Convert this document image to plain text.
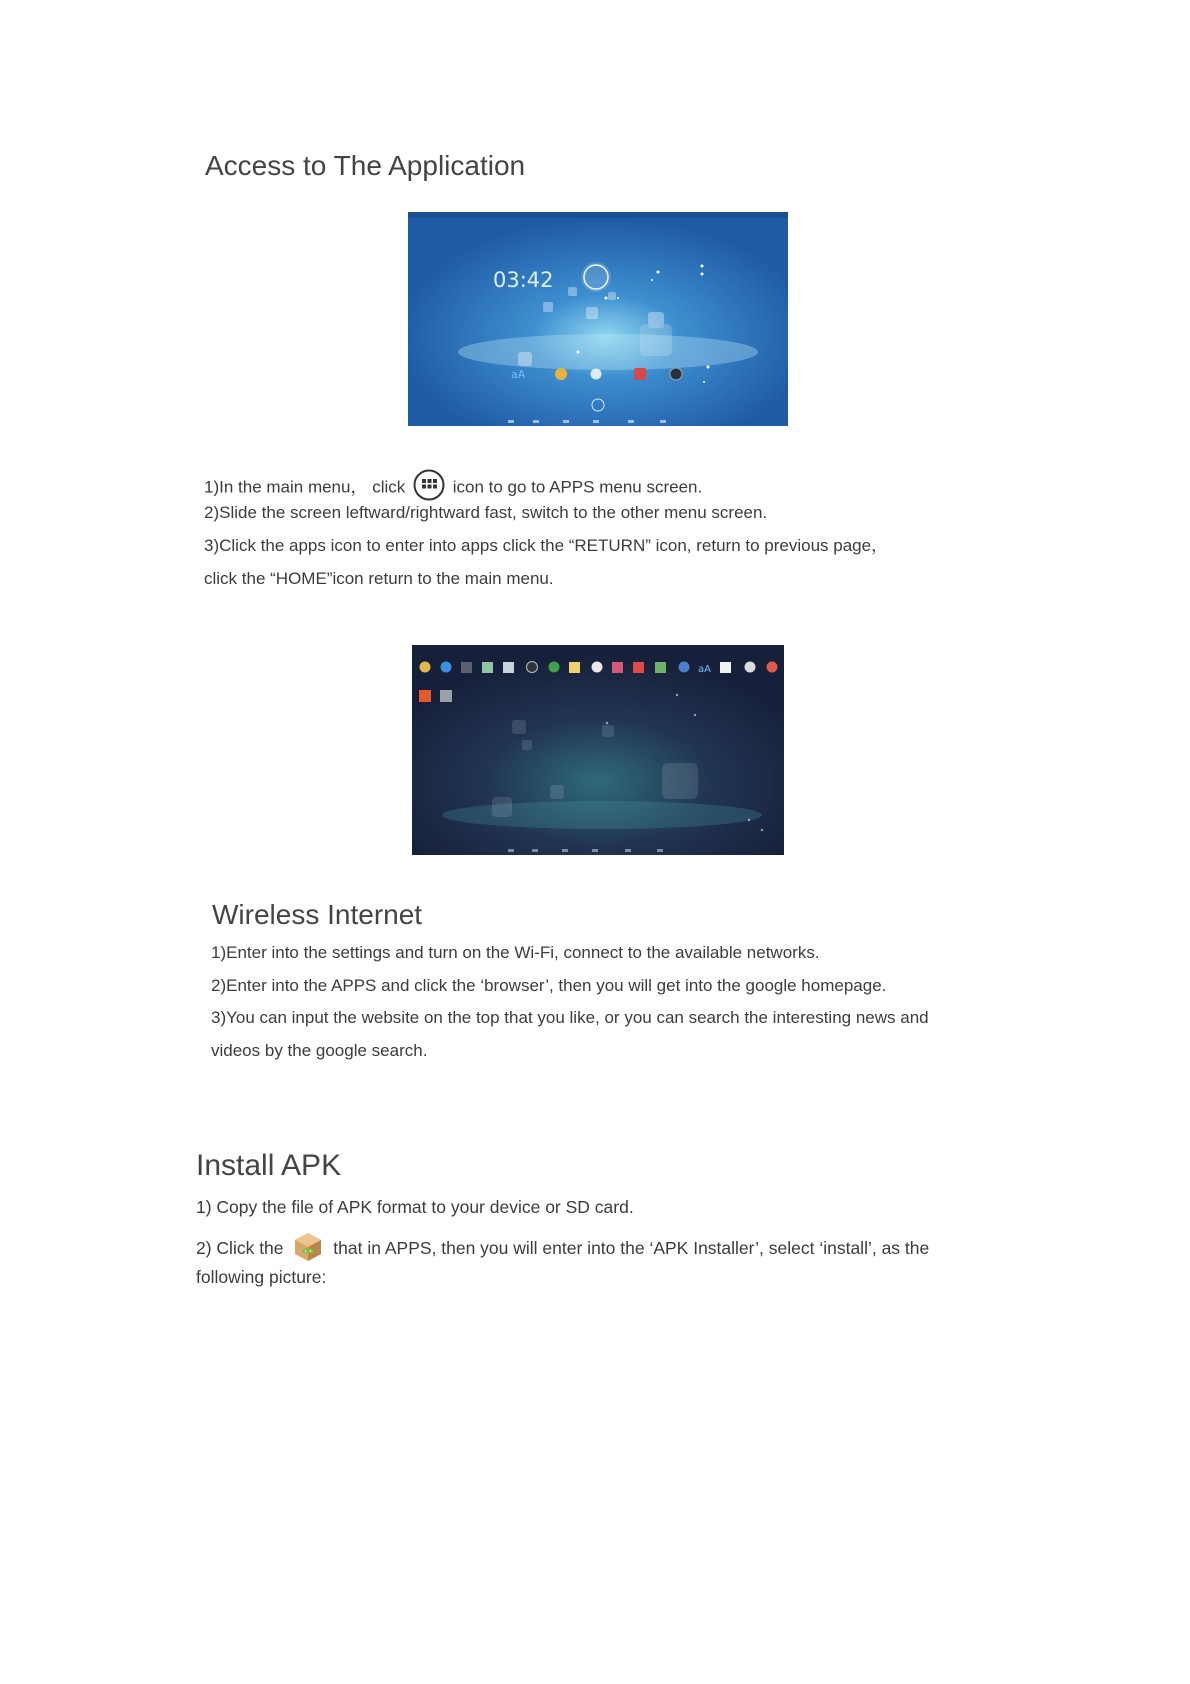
Access to The Application
03:42
aA
1)In the main menu， click	icon to go to APPS menu screen.
2)Slide the screen leftward/rightward fast, switch to the other menu screen.
3)Click the apps icon to enter into apps click the “RETURN” icon, return to previous page，
click the “HOME”icon return to the main menu.
aA
Wireless Internet
1)Enter into the settings and turn on the Wi-Fi, connect to the available networks.
2)Enter into the APPS and click the ‘browser’, then you will get into the google homepage.
3)You can input the website on the top that you like, or you can search the interesting news and
videos by the google search.
Install APK
1) Copy the file of APK format to your device or SD card.
2) Click the	that in APPS, then you will enter into the ‘APK Installer’, select ‘install’, as the
following picture:
